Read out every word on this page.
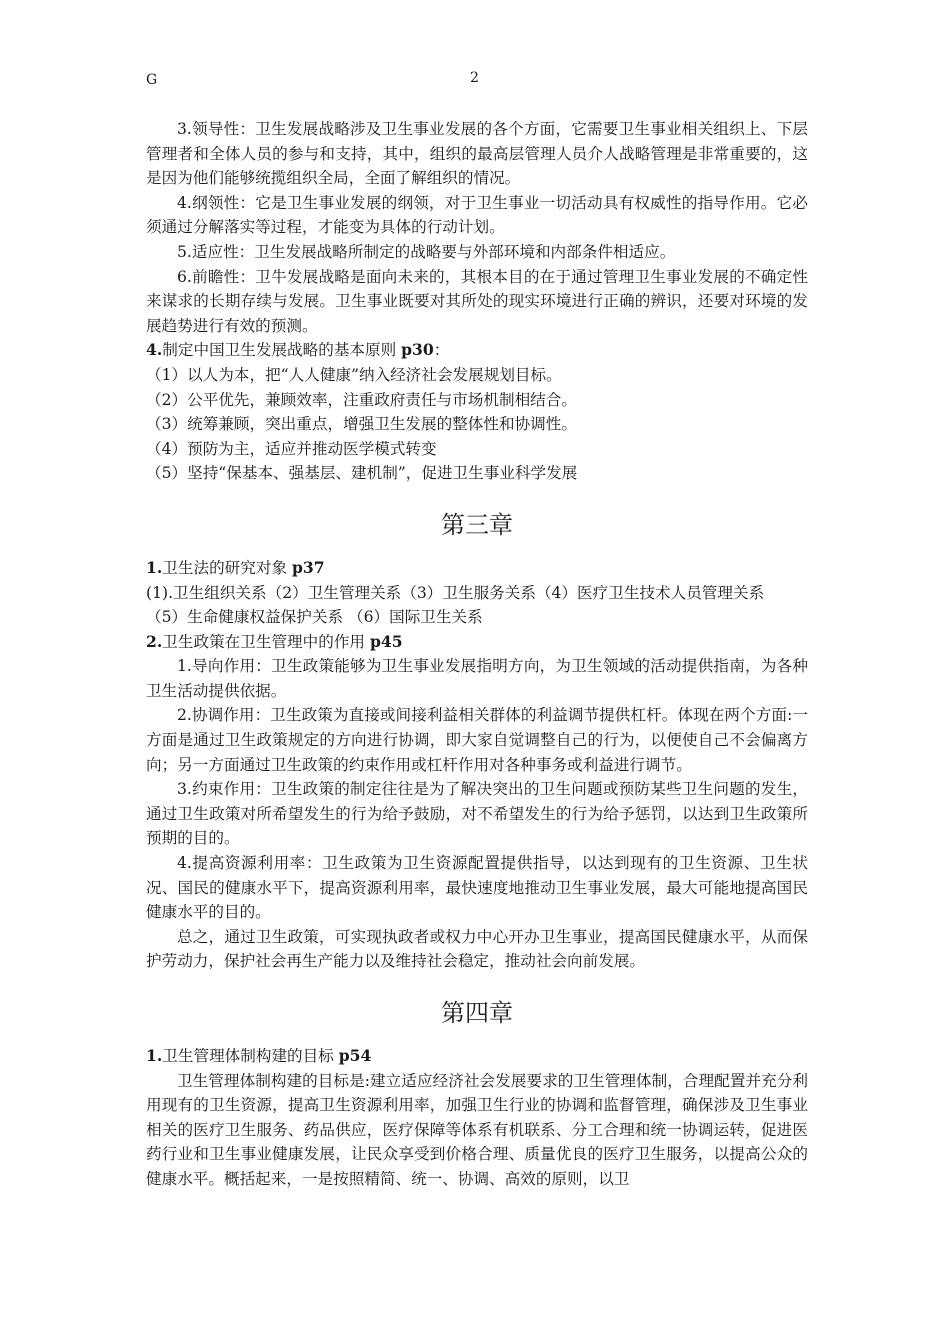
G	2

3.领导性：卫生发展战略涉及卫生事业发展的各个方面，它需要卫生事业相关组织上、下层管理者和全体人员的参与和支持，其中，组织的最高层管理人员介人战略管理是非常重要的，这是因为他们能够统揽组织全局，全面了解组织的情况。

4.纲领性：它是卫生事业发展的纲领，对于卫生事业一切活动具有权威性的指导作用。它必须通过分解落实等过程，才能变为具体的行动计划。

5.适应性：卫生发展战略所制定的战略要与外部环境和内部条件相适应。

6.前瞻性：卫牛发展战略是面向未来的，其根本目的在于通过管理卫生事业发展的不确定性来谋求的长期存续与发展。卫生事业既要对其所处的现实环境进行正确的辨识，还要对环境的发展趋势进行有效的预测。

4.制定中国卫生发展战略的基本原则 p30：

（1）以人为本，把“人人健康”纳入经济社会发展规划目标。

（2）公平优先，兼顾效率，注重政府责任与市场机制相结合。

（3）统筹兼顾，突出重点，增强卫生发展的整体性和协调性。

（4）预防为主，适应并推动医学模式转变

（5）坚持“保基本、强基层、建机制”，促进卫生事业科学发展

第三章

1.卫生法的研究对象 p37

(1).卫生组织关系（2）卫生管理关系（3）卫生服务关系（4）医疗卫生技术人员管理关系

（5）生命健康权益保护关系 （6）国际卫生关系

2.卫生政策在卫生管理中的作用 p45

1.导向作用：卫生政策能够为卫生事业发展指明方向，为卫生领域的活动提供指南，为各种卫生活动提供依据。

2.协调作用：卫生政策为直接或间接利益相关群体的利益调节提供杠杆。体现在两个方面:一方面是通过卫生政策规定的方向进行协调，即大家自觉调整自己的行为，以便使自己不会偏离方向；另一方面通过卫生政策的约束作用或杠杆作用对各种事务或利益进行调节。

3.约束作用：卫生政策的制定往往是为了解决突出的卫生问题或预防某些卫生问题的发生，通过卫生政策对所希望发生的行为给予鼓励，对不希望发生的行为给予惩罚，以达到卫生政策所预期的目的。

4.提高资源利用率：卫生政策为卫生资源配置提供指导，以达到现有的卫生资源、卫生状况、国民的健康水平下，提高资源利用率，最快速度地推动卫生事业发展，最大可能地提高国民健康水平的目的。

总之，通过卫生政策，可实现执政者或权力中心开办卫生事业，提高国民健康水平，从而保护劳动力，保护社会再生产能力以及维持社会稳定，推动社会向前发展。

第四章

1.卫生管理体制构建的目标 p54

卫生管理体制构建的目标是:建立适应经济社会发展要求的卫生管理体制，合理配置并充分利用现有的卫生资源，提高卫生资源利用率，加强卫生行业的协调和监督管理，确保涉及卫生事业相关的医疗卫生服务、药品供应，医疗保障等体系有机联系、分工合理和统一协调运转，促进医药行业和卫生事业健康发展，让民众享受到价格合理、质量优良的医疗卫生服务，以提高公众的健康水平。概括起来，一是按照精简、统一、协调、高效的原则，以卫
